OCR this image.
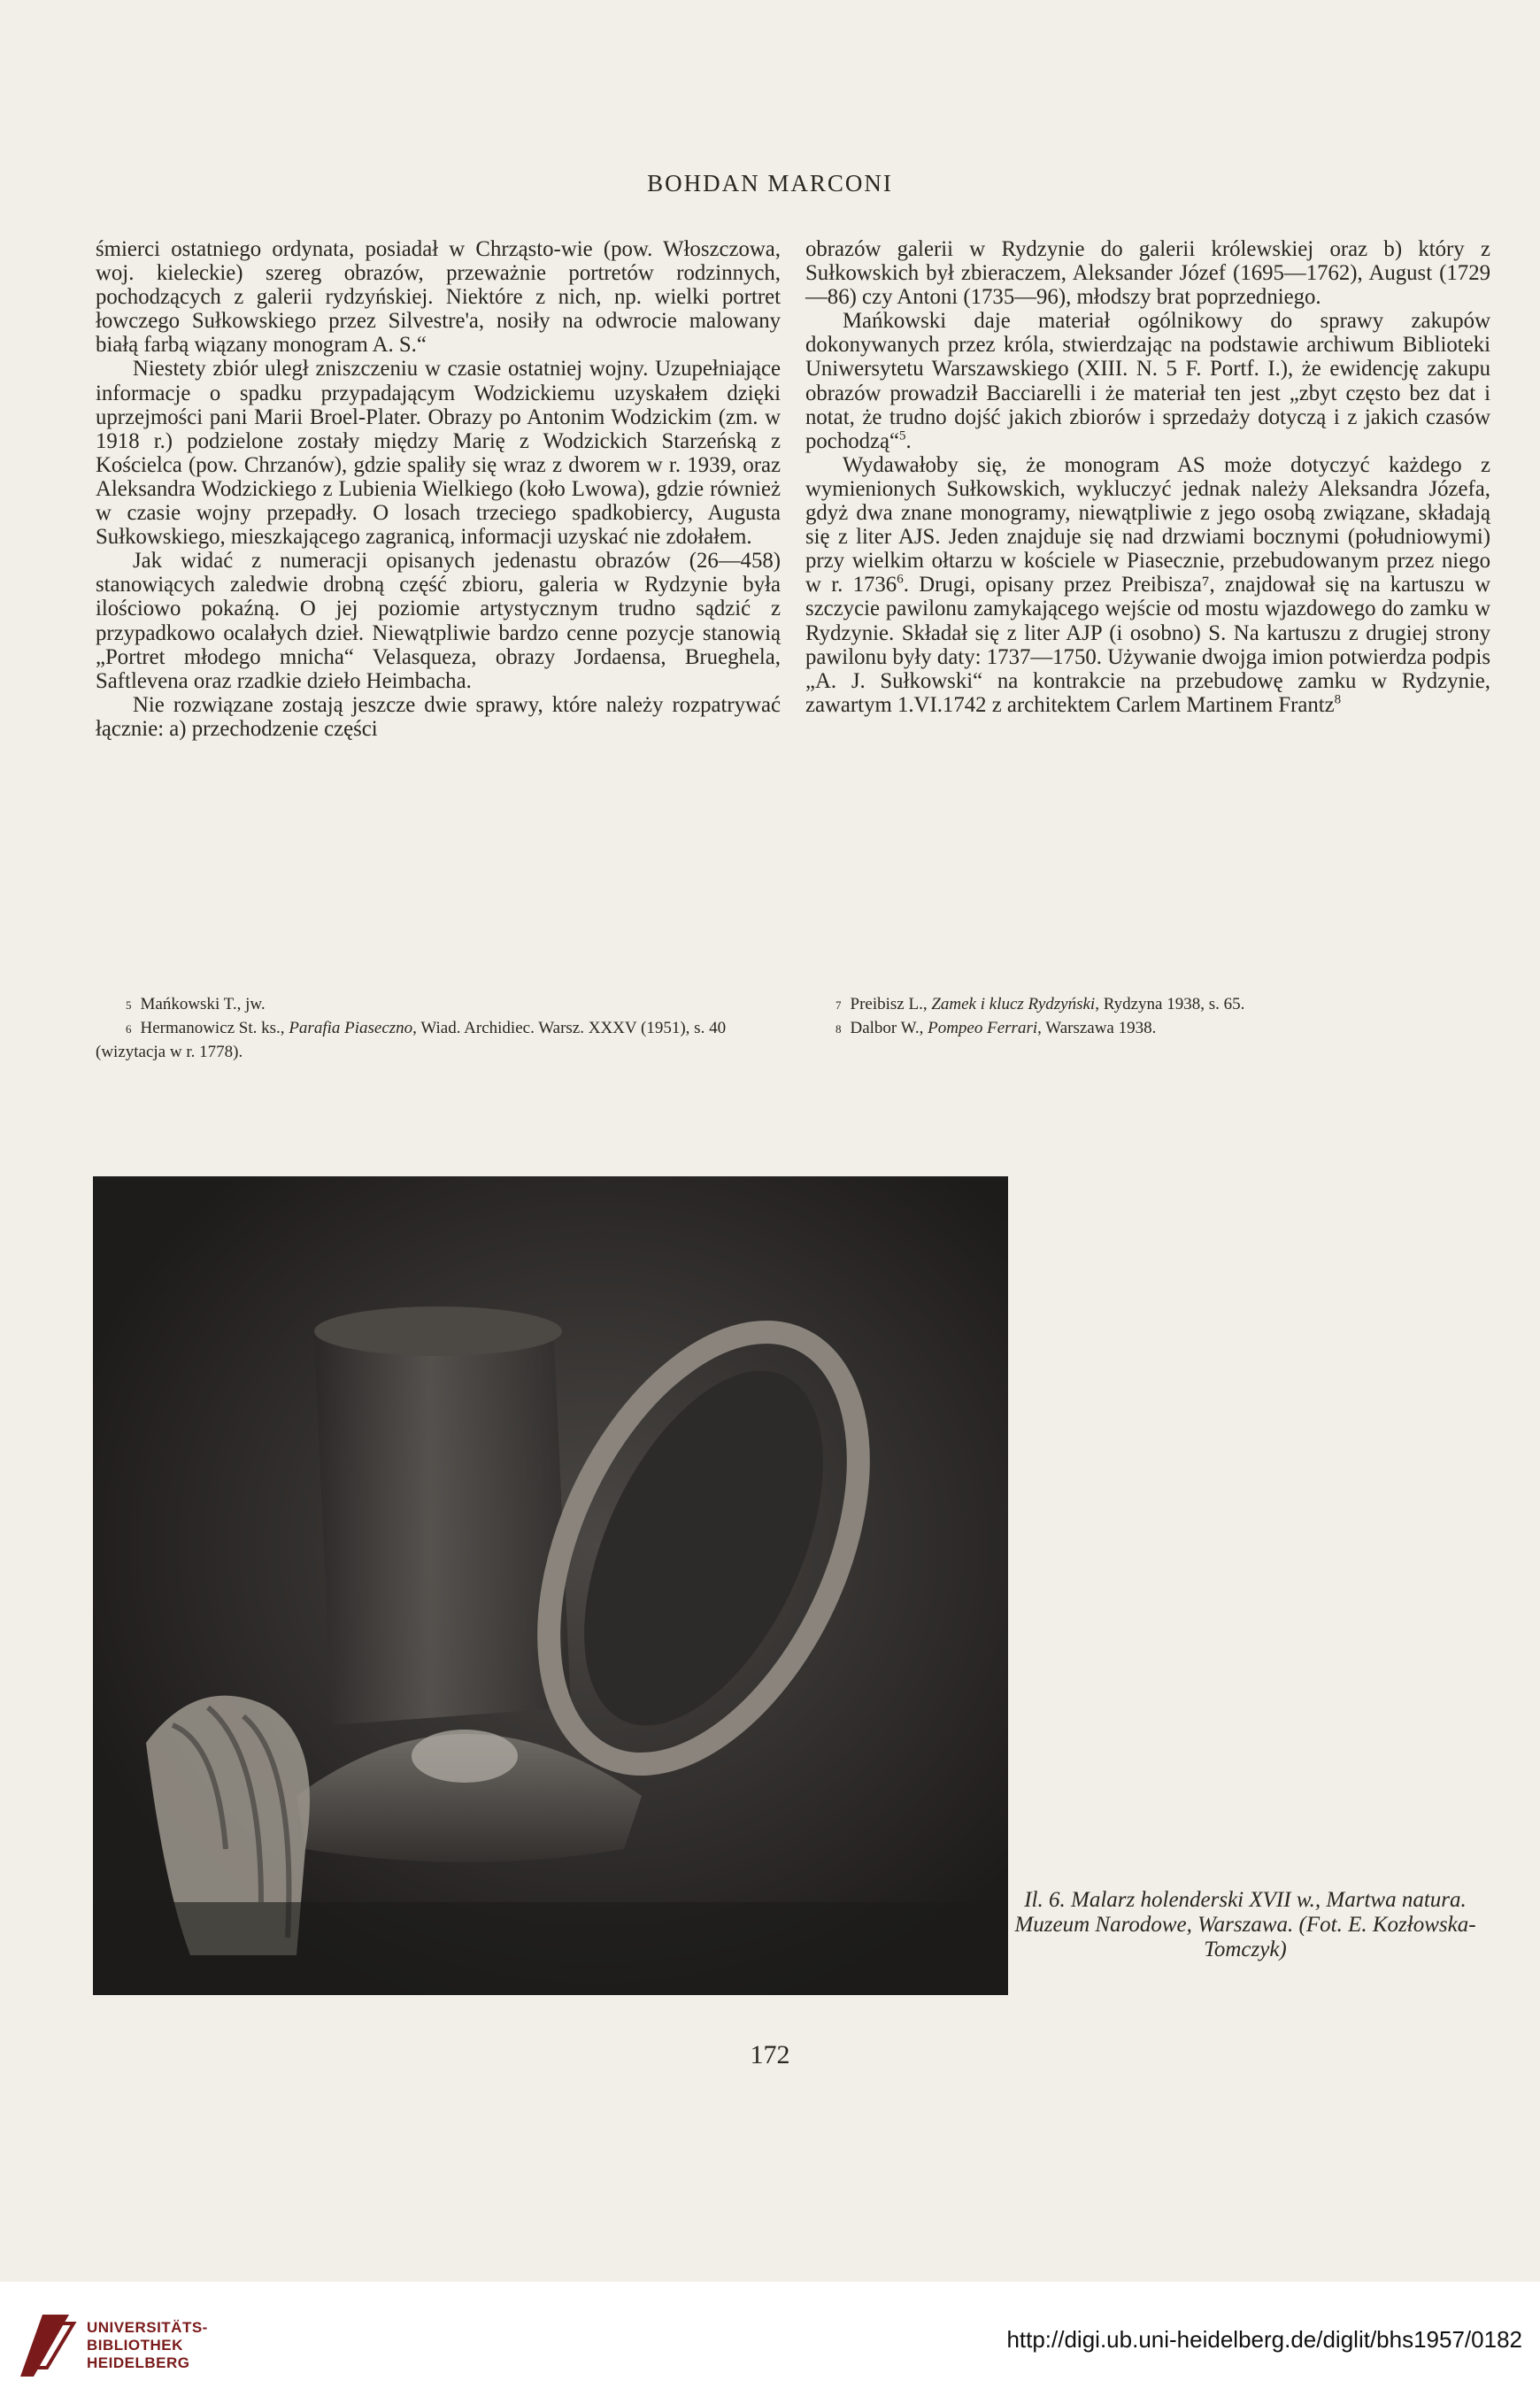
BOHDAN MARCONI

śmierci ostatniego ordynata, posiadał w Chrząsto-wie (pow. Włoszczowa, woj. kieleckie) szereg obrazów, przeważnie portretów rodzinnych, pochodzących z galerii rydzyńskiej. Niektóre z nich, np. wielki portret łowczego Sułkowskiego przez Silvestre'a, nosiły na odwrocie malowany białą farbą wiązany monogram A. S.“

Niestety zbiór uległ zniszczeniu w czasie ostatniej wojny. Uzupełniające informacje o spadku przypadającym Wodzickiemu uzyskałem dzięki uprzejmości pani Marii Broel-Plater. Obrazy po Antonim Wodzickim (zm. w 1918 r.) podzielone zostały między Marię z Wodzickich Starzeńską z Kościelca (pow. Chrzanów), gdzie spaliły się wraz z dworem w r. 1939, oraz Aleksandra Wodzickiego z Lubienia Wielkiego (koło Lwowa), gdzie również w czasie wojny przepadły. O losach trzeciego spadkobiercy, Augusta Sułkowskiego, mieszkającego zagranicą, informacji uzyskać nie zdołałem.

Jak widać z numeracji opisanych jedenastu obrazów (26—458) stanowiących zaledwie drobną część zbioru, galeria w Rydzynie była ilościowo pokaźną. O jej poziomie artystycznym trudno sądzić z przypadkowo ocalałych dzieł. Niewątpliwie bardzo cenne pozycje stanowią „Portret młodego mnicha“ Velasqueza, obrazy Jordaensa, Brueghela, Saftlevena oraz rzadkie dzieło Heimbacha.

Nie rozwiązane zostają jeszcze dwie sprawy, które należy rozpatrywać łącznie: a) przechodzenie części

obrazów galerii w Rydzynie do galerii królewskiej oraz b) który z Sułkowskich był zbieraczem, Aleksander Józef (1695—1762), August (1729—86) czy Antoni (1735—96), młodszy brat poprzedniego.

Mańkowski daje materiał ogólnikowy do sprawy zakupów dokonywanych przez króla, stwierdzając na podstawie archiwum Biblioteki Uniwersytetu Warszawskiego (XIII. N. 5 F. Portf. I.), że ewidencję zakupu obrazów prowadził Bacciarelli i że materiał ten jest „zbyt często bez dat i notat, że trudno dojść jakich zbiorów i sprzedaży dotyczą i z jakich czasów pochodzą“$^5$.

Wydawałoby się, że monogram AS może dotyczyć każdego z wymienionych Sułkowskich, wykluczyć jednak należy Aleksandra Józefa, gdyż dwa znane monogramy, niewątpliwie z jego osobą związane, składają się z liter AJS. Jeden znajduje się nad drzwiami bocznymi (południowymi) przy wielkim ołtarzu w kościele w Piasecznie, przebudowanym przez niego w r. 1736$^6$. Drugi, opisany przez Preibisza⁷, znajdował się na kartuszu w szczycie pawilonu zamykającego wejście od mostu wjazdowego do zamku w Rydzynie. Składał się z liter AJP (i osobno) S. Na kartuszu z drugiej strony pawilonu były daty: 1737—1750. Używanie dwojga imion potwierdza podpis „A. J. Sułkowski“ na kontrakcie na przebudowę zamku w Rydzynie, zawartym 1.VI.1742 z architektem Carlem Martinem Frantz$^8$

5 Mańkowski T., jw.

6 Hermanowicz St. ks., Parafia Piaseczno, Wiad. Archidiec. Warsz. XXXV (1951), s. 40 (wizytacja w r. 1778).

7 Preibisz L., Zamek i klucz Rydzyński, Rydzyna 1938, s. 65.

8 Dalbor W., Pompeo Ferrari, Warszawa 1938.

Il. 6. Malarz holenderski XVII w., Martwa natura. Muzeum Narodowe, Warszawa. (Fot. E. Kozłowska-Tomczyk)
172
UNIVERSITÄTS-
BIBLIOTHEK
HEIDELBERG
http://digi.ub.uni-heidelberg.de/diglit/bhs1957/0182
